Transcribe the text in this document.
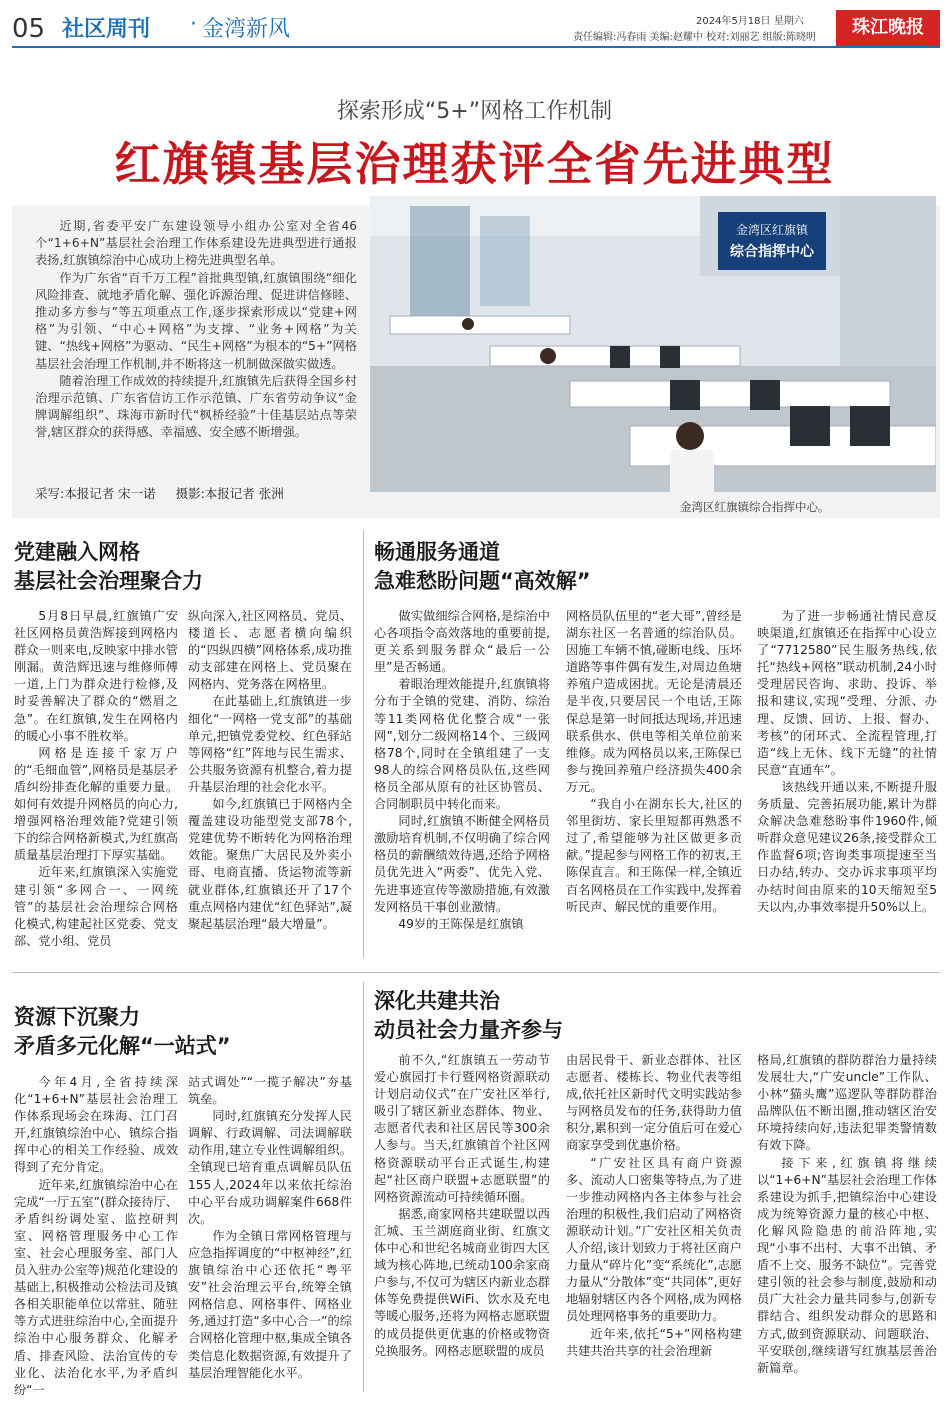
05 社区周刊 · 金湾新风	2024年5月18日 星期六
责任编辑:冯春雨 美编:赵耀中 校对:刘丽艺 组版:陈晓明	珠江晚报
探索形成“5+”网格工作机制
红旗镇基层治理获评全省先进典型

近期,省委平安广东建设领导小组办公室对全省46个“1+6+N”基层社会治理工作体系建设先进典型进行通报表扬,红旗镇综治中心成功上榜先进典型名单。

作为广东省“百千万工程”首批典型镇,红旗镇围绕“细化风险排查、就地矛盾化解、强化诉源治理、促进讲信修睦、推动多方参与”等五项重点工作,逐步探索形成以“党建+网格”为引领、“中心+网格”为支撑、“业务+网格”为关键、“热线+网格”为驱动、“民生+网格”为根本的“5+”网格基层社会治理工作机制,并不断将这一机制做深做实做透。

随着治理工作成效的持续提升,红旗镇先后获得全国乡村治理示范镇、广东省信访工作示范镇、广东省劳动争议“金牌调解组织”、珠海市新时代“枫桥经验”十佳基层站点等荣誉,辖区群众的获得感、幸福感、安全感不断增强。

采写:本报记者 宋一诺 摄影:本报记者 张洲
金湾区红旗镇
综合指挥中心
金湾区红旗镇综合指挥中心。
党建融入网格
基层社会治理聚合力

5月8日早晨,红旗镇广安社区网格员黄浩辉接到网格内群众一则来电,反映家中排水管刚漏。黄浩辉迅速与维修师傅一道,上门为群众进行检修,及时妥善解决了群众的“燃眉之急”。在红旗镇,发生在网格内的暖心小事不胜枚举。

网格是连接千家万户的“毛细血管”,网格员是基层矛盾纠纷排查化解的重要力量。如何有效提升网格员的向心力,增强网格治理效能?党建引领下的综合网格新模式,为红旗高质量基层治理打下厚实基础。

近年来,红旗镇深入实施党建引领“多网合一、一网统管”的基层社会治理综合网格化模式,构建起社区党委、党支部、党小组、党员

纵向深入,社区网格员、党员、楼道长、志愿者横向编织的“四纵四横”网格体系,成功推动支部建在网格上、党员聚在网格内、党务落在网格里。

在此基础上,红旗镇进一步细化“一网格一党支部”的基础单元,把镇党委党校、红色驿站等网格“红”阵地与民生需求、公共服务资源有机整合,着力提升基层治理的社会化水平。

如今,红旗镇已于网格内全覆盖建设功能型党支部78个,党建优势不断转化为网格治理效能。聚焦广大居民及外卖小哥、电商直播、货运物流等新就业群体,红旗镇还开了17个重点网格内建优“红色驿站”,凝聚起基层治理“最大增量”。

畅通服务通道
急难愁盼问题“高效解”

做实做细综合网格,是综治中心各项指令高效落地的重要前提,更关系到服务群众“最后一公里”是否畅通。

着眼治理效能提升,红旗镇将分布于全镇的党建、消防、综治等11类网格优化整合成“一张网”,划分二级网格14个、三级网格78个,同时在全镇组建了一支98人的综合网格员队伍,这些网格员全部从原有的社区协管员、合同制职员中转化而来。

同时,红旗镇不断健全网格员激励培育机制,不仅明确了综合网格员的薪酬绩效待遇,还给予网格员优先进入“两委”、优先入党、先进事迹宣传等激励措施,有效激发网格员干事创业激情。

49岁的王陈保是红旗镇

网格员队伍里的“老大哥”,曾经是湖东社区一名普通的综治队员。因施工车辆不慎,碰断电线、压坏道路等事件偶有发生,对周边鱼塘养殖户造成困扰。无论是清晨还是半夜,只要居民一个电话,王陈保总是第一时间抵达现场,并迅速联系供水、供电等相关单位前来维修。成为网格员以来,王陈保已参与挽回养殖户经济损失400余万元。

“我自小在湖东长大,社区的邻里街坊、家长里短都再熟悉不过了,希望能够为社区做更多贡献。”提起参与网格工作的初衷,王陈保直言。和王陈保一样,全镇近百名网格员在工作实践中,发挥着听民声、解民忧的重要作用。

为了进一步畅通社情民意反映渠道,红旗镇还在指挥中心设立了“7712580”民生服务热线,依托“热线+网格”联动机制,24小时受理居民咨询、求助、投诉、举报和建议,实现“受理、分派、办理、反馈、回访、上报、督办、考核”的闭环式、全流程管理,打造“线上无休、线下无缝”的社情民意“直通车”。

该热线开通以来,不断提升服务质量、完善拓展功能,累计为群众解决急难愁盼事件1960件,倾听群众意见建议26条,接受群众工作监督6项;咨询类事项提速至当日办结,转办、交办诉求事项平均办结时间由原来的10天缩短至5天以内,办事效率提升50%以上。

资源下沉聚力
矛盾多元化解“一站式”

今年4月,全省持续深化“1+6+N”基层社会治理工作体系现场会在珠海、江门召开,红旗镇综治中心、镇综合指挥中心的相关工作经验、成效得到了充分肯定。

近年来,红旗镇综治中心在完成“一厅五室”(群众接待厅、矛盾纠纷调处室、监控研判室、网格管理服务中心工作室、社会心理服务室、部门人员入驻办公室等)规范化建设的基础上,积极推动公检法司及镇各相关职能单位以常驻、随驻等方式进驻综治中心,全面提升综治中心服务群众、化解矛盾、排查风险、法治宣传的专业化、法治化水平,为矛盾纠纷“一

站式调处”“一揽子解决”夯基筑垒。

同时,红旗镇充分发挥人民调解、行政调解、司法调解联动作用,建立专业性调解组织。全镇现已培育重点调解员队伍155人,2024年以来依托综治中心平台成功调解案件668件次。

作为全镇日常网格管理与应急指挥调度的“中枢神经”,红旗镇综治中心还依托“粤平安”社会治理云平台,统筹全镇网格信息、网格事件、网格业务,通过打造“多中心合一”的综合网格化管理中枢,集成全镇各类信息化数据资源,有效提升了基层治理智能化水平。

深化共建共治
动员社会力量齐参与

前不久,“红旗镇五一劳动节爱心旗园打卡行暨网格资源联动计划启动仪式”在广安社区举行,吸引了辖区新业态群体、物业、志愿者代表和社区居民等300余人参与。当天,红旗镇首个社区网格资源联动平台正式诞生,构建起“社区商户联盟+志愿联盟”的网格资源流动可持续循环圈。

据悉,商家网格共建联盟以西汇城、玉兰湖庭商业街、红旗文体中心和世纪名城商业街四大区域为核心阵地,已统动100余家商户参与,不仅可为辖区内新业态群体等免费提供WiFi、饮水及充电等暖心服务,还将为网格志愿联盟的成员提供更优惠的价格或物资兑换服务。网格志愿联盟的成员

由居民骨干、新业态群体、社区志愿者、楼栋长、物业代表等组成,依托社区新时代文明实践站参与网格员发布的任务,获得助力值积分,累积到一定分值后可在爱心商家享受到优惠价格。

“广安社区具有商户资源多、流动人口密集等特点,为了进一步推动网格内各主体参与社会治理的积极性,我们启动了网格资源联动计划。”广安社区相关负责人介绍,该计划致力于将社区商户力量从“碎片化”变“系统化”,志愿力量从“分散体”变“共同体”,更好地辐射辖区内各个网格,成为网格员处理网格事务的重要助力。

近年来,依托“5+”网格构建共建共治共享的社会治理新

格局,红旗镇的群防群治力量持续发展壮大,“广安uncle”工作队、小林“猫头鹰”巡逻队等群防群治品牌队伍不断出圈,推动辖区治安环境持续向好,违法犯罪类警情数有效下降。

接下来,红旗镇将继续以“1+6+N”基层社会治理工作体系建设为抓手,把镇综治中心建设成为统筹资源力量的核心中枢、化解风险隐患的前沿阵地,实现“小事不出村、大事不出镇、矛盾不上交、服务不缺位”。完善党建引领的社会参与制度,鼓励和动员广大社会力量共同参与,创新专群结合、组织发动群众的思路和方式,做到资源联动、问题联治、平安联创,继续谱写红旗基层善治新篇章。
